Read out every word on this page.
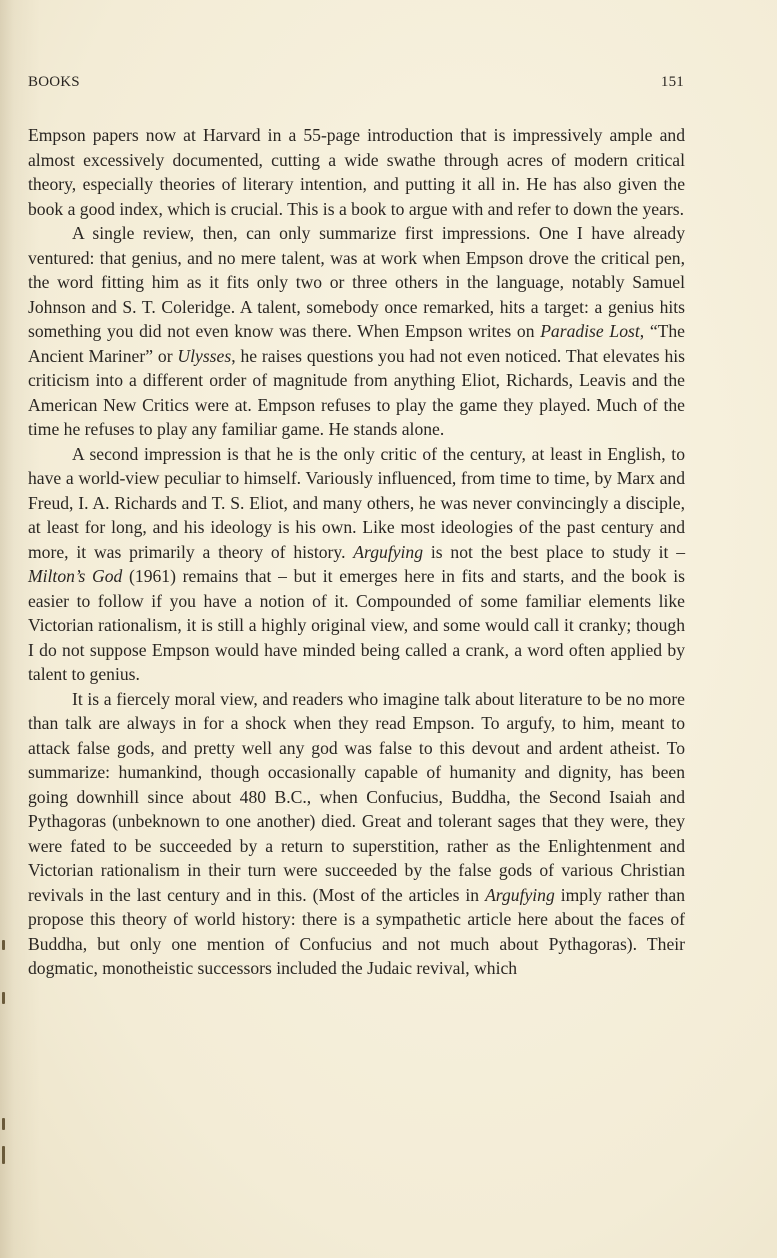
BOOKS	151

Empson papers now at Harvard in a 55-page introduction that is impressively ample and almost excessively documented, cutting a wide swathe through acres of modern critical theory, especially theories of literary intention, and putting it all in. He has also given the book a good index, which is crucial. This is a book to argue with and refer to down the years.

A single review, then, can only summarize first impressions. One I have already ventured: that genius, and no mere talent, was at work when Empson drove the critical pen, the word fitting him as it fits only two or three others in the language, notably Samuel Johnson and S. T. Coleridge. A talent, somebody once remarked, hits a target: a genius hits something you did not even know was there. When Empson writes on Paradise Lost, “The Ancient Mariner” or Ulysses, he raises questions you had not even noticed. That elevates his criticism into a different order of magnitude from anything Eliot, Richards, Leavis and the American New Critics were at. Empson refuses to play the game they played. Much of the time he refuses to play any familiar game. He stands alone.

A second impression is that he is the only critic of the century, at least in English, to have a world-view peculiar to himself. Variously influenced, from time to time, by Marx and Freud, I. A. Richards and T. S. Eliot, and many others, he was never convincingly a disciple, at least for long, and his ideology is his own. Like most ideologies of the past century and more, it was primarily a theory of history. Argufying is not the best place to study it – Milton’s God (1961) remains that – but it emerges here in fits and starts, and the book is easier to follow if you have a notion of it. Compounded of some familiar elements like Victorian rationalism, it is still a highly original view, and some would call it cranky; though I do not suppose Empson would have minded being called a crank, a word often applied by talent to genius.

It is a fiercely moral view, and readers who imagine talk about literature to be no more than talk are always in for a shock when they read Empson. To argufy, to him, meant to attack false gods, and pretty well any god was false to this devout and ardent atheist. To summarize: humankind, though occasionally capable of humanity and dignity, has been going downhill since about 480 B.C., when Confucius, Buddha, the Second Isaiah and Pythagoras (unbeknown to one another) died. Great and tolerant sages that they were, they were fated to be succeeded by a return to superstition, rather as the Enlightenment and Victorian rationalism in their turn were succeeded by the false gods of various Christian revivals in the last century and in this. (Most of the articles in Argufying imply rather than propose this theory of world history: there is a sympathetic article here about the faces of Buddha, but only one mention of Confucius and not much about Pythagoras). Their dogmatic, monotheistic successors included the Judaic revival, which
